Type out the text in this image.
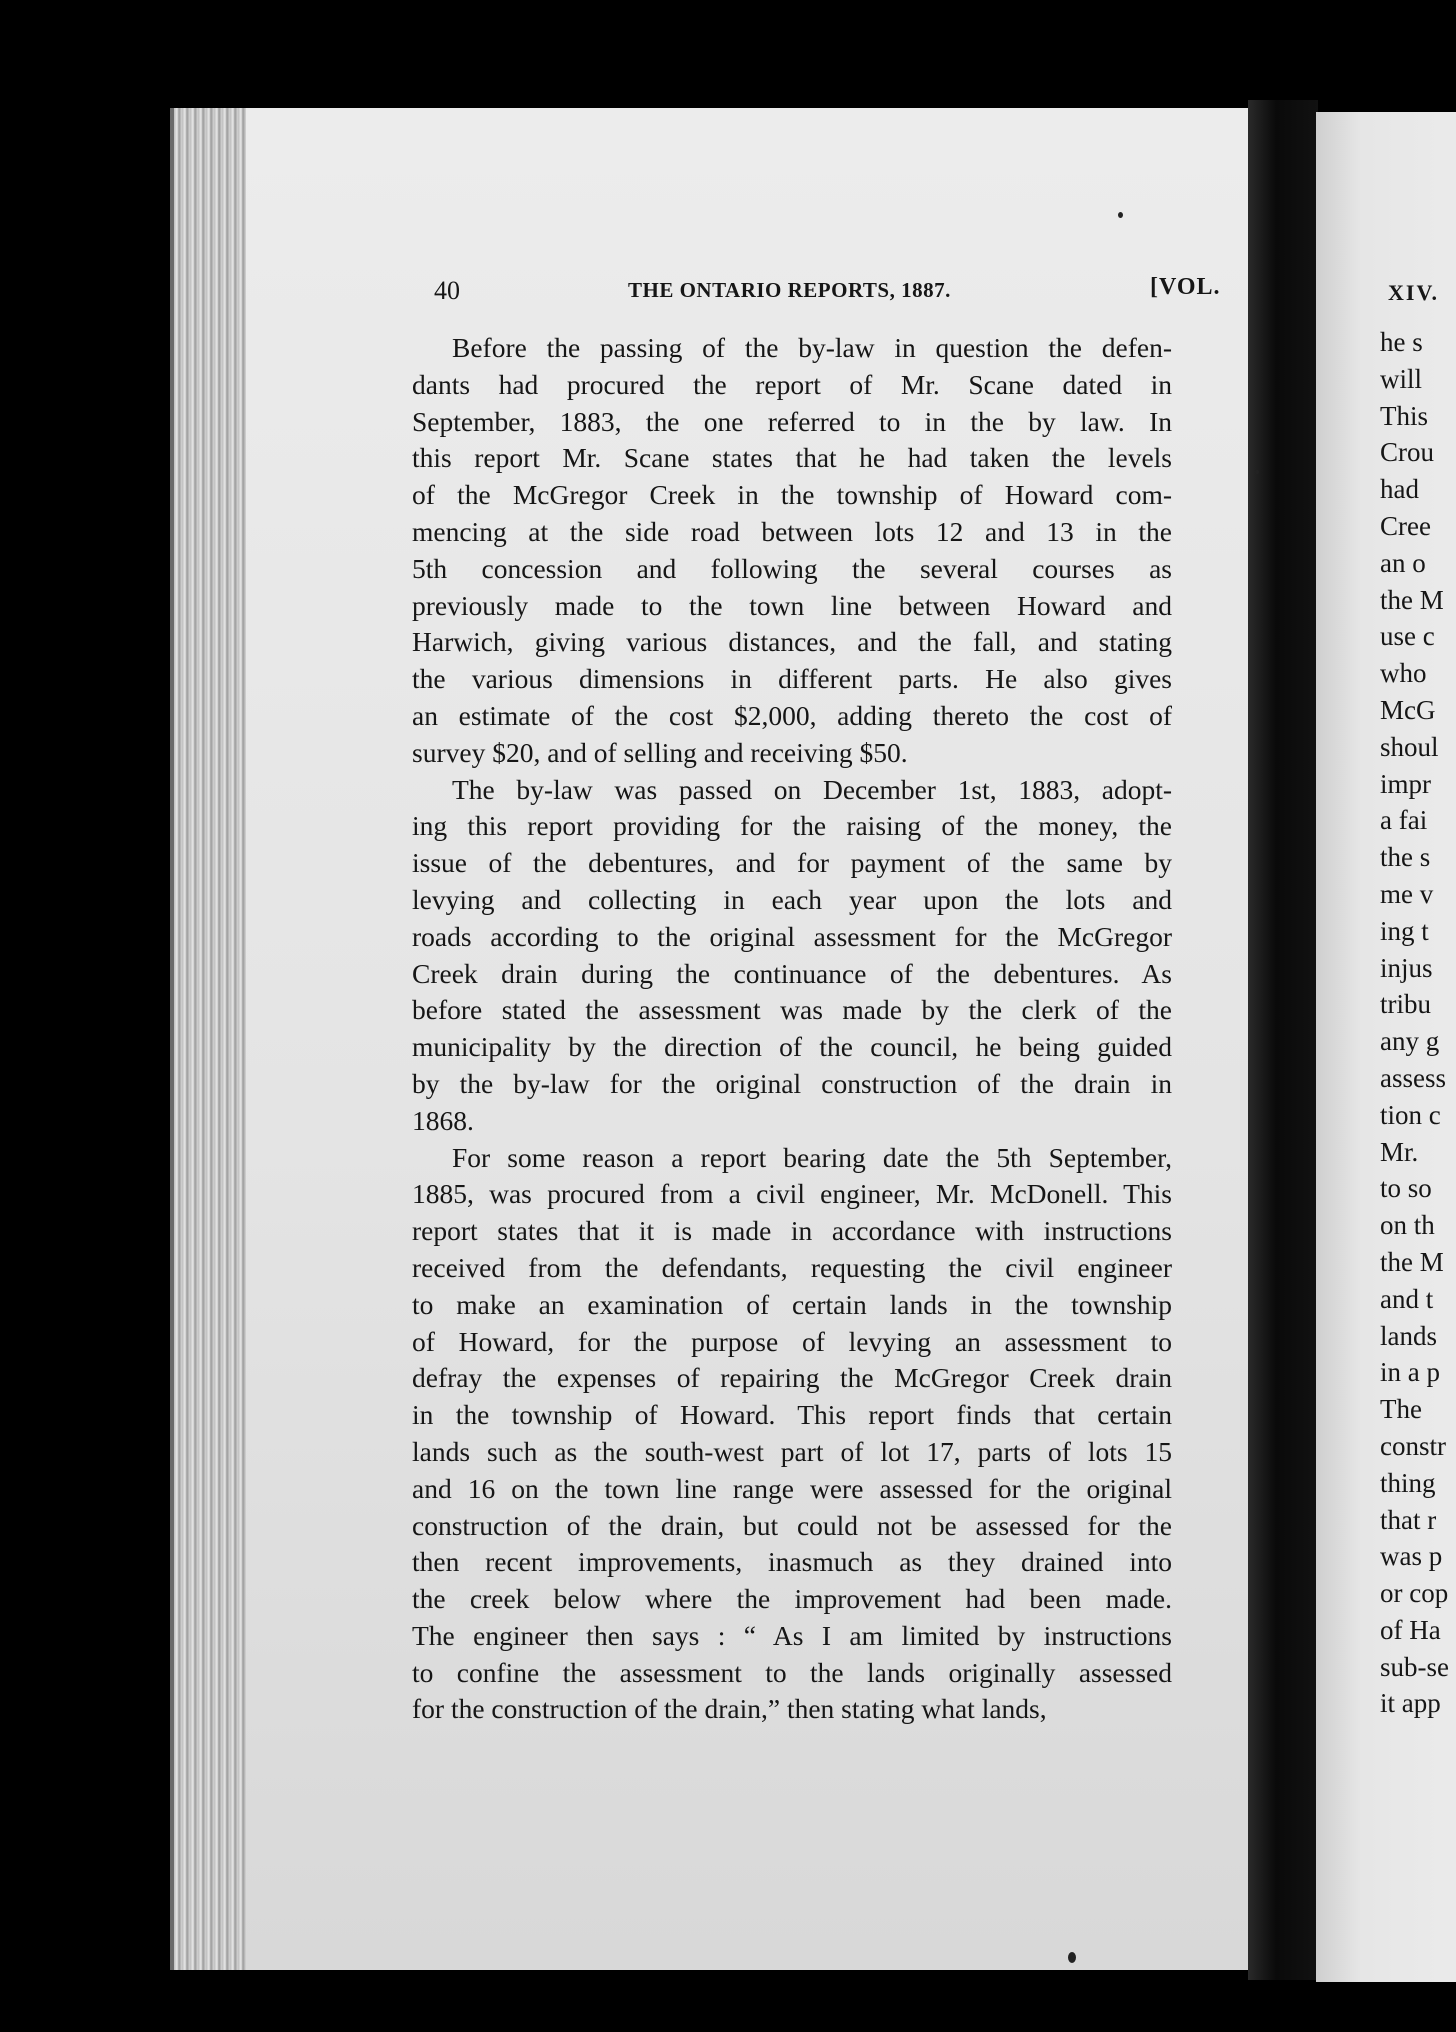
XIV.
he s
will
This
Crou
had
Cree
an o
the M
use c
who
McG
shoul
impr
a fai
the s
me v
ing t
injus
tribu
any g
assess
tion c
Mr.
to so
on th
the M
and t
lands
in a p
The
constr
thing
that r
was p
or cop
of Ha
sub-se
it app
40	THE ONTARIO REPORTS, 1887.	[VOL.
Before the passing of the by-law in question the defen-
dants had procured the report of Mr. Scane dated in
September, 1883, the one referred to in the by law. In
this report Mr. Scane states that he had taken the levels
of the McGregor Creek in the township of Howard com-
mencing at the side road between lots 12 and 13 in the
5th concession and following the several courses as
previously made to the town line between Howard and
Harwich, giving various distances, and the fall, and stating
the various dimensions in different parts. He also gives
an estimate of the cost $2,000, adding thereto the cost of
survey $20, and of selling and receiving $50.
The by-law was passed on December 1st, 1883, adopt-
ing this report providing for the raising of the money, the
issue of the debentures, and for payment of the same by
levying and collecting in each year upon the lots and
roads according to the original assessment for the McGregor
Creek drain during the continuance of the debentures. As
before stated the assessment was made by the clerk of the
municipality by the direction of the council, he being guided
by the by-law for the original construction of the drain in
1868.
For some reason a report bearing date the 5th September,
1885, was procured from a civil engineer, Mr. McDonell. This
report states that it is made in accordance with instructions
received from the defendants, requesting the civil engineer
to make an examination of certain lands in the township
of Howard, for the purpose of levying an assessment to
defray the expenses of repairing the McGregor Creek drain
in the township of Howard. This report finds that certain
lands such as the south-west part of lot 17, parts of lots 15
and 16 on the town line range were assessed for the original
construction of the drain, but could not be assessed for the
then recent improvements, inasmuch as they drained into
the creek below where the improvement had been made.
The engineer then says : “ As I am limited by instructions
to confine the assessment to the lands originally assessed
for the construction of the drain,” then stating what lands,
